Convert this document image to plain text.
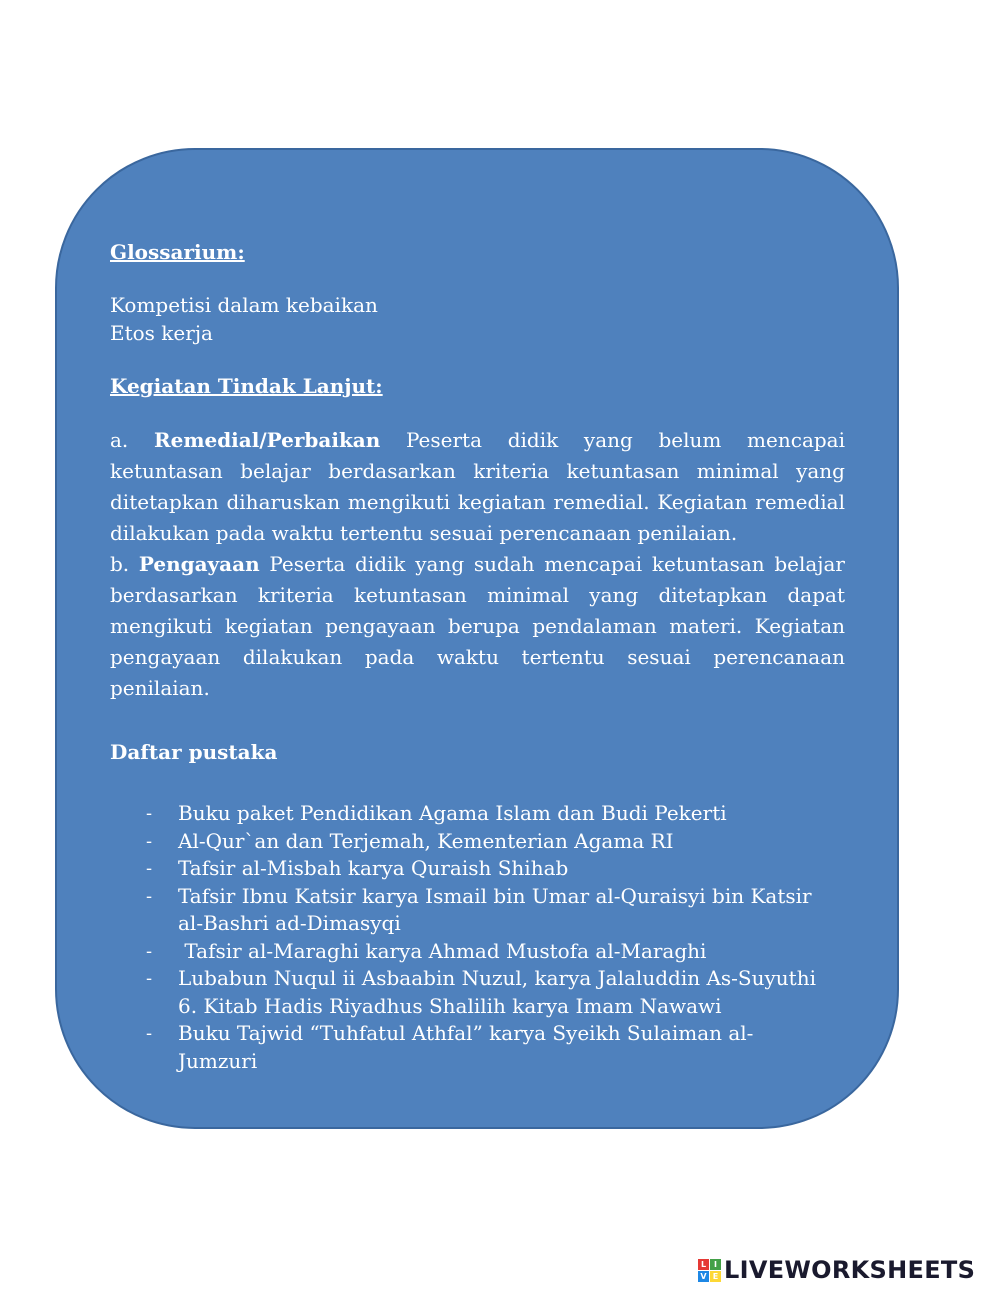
Glossarium:

Kompetisi dalam kebaikan

Etos kerja

Kegiatan Tindak Lanjut:

a. Remedial/Perbaikan Peserta didik yang belum mencapai ketuntasan belajar berdasarkan kriteria ketuntasan minimal yang ditetapkan diharuskan mengikuti kegiatan remedial. Kegiatan remedial dilakukan pada waktu tertentu sesuai perencanaan penilaian.

b. Pengayaan Peserta didik yang sudah mencapai ketuntasan belajar berdasarkan kriteria ketuntasan minimal yang ditetapkan dapat mengikuti kegiatan pengayaan berupa pendalaman materi. Kegiatan pengayaan dilakukan pada waktu tertentu sesuai perencanaan penilaian.

Daftar pustaka
- Buku paket Pendidikan Agama Islam dan Budi Pekerti
- Al-Qur`an dan Terjemah, Kementerian Agama RI
- Tafsir al-Misbah karya Quraish Shihab
- Tafsir Ibnu Katsir karya Ismail bin Umar al-Quraisyi bin Katsir al-Bashri ad-Dimasyqi
- Tafsir al-Maraghi karya Ahmad Mustofa al-Maraghi
- Lubabun Nuqul ii Asbaabin Nuzul, karya Jalaluddin As-Suyuthi 6. Kitab Hadis Riyadhus Shalilih karya Imam Nawawi
- Buku Tajwid “Tuhfatul Athfal” karya Syeikh Sulaiman al-Jumzuri
L I
V E LIVEWORKSHEETS
